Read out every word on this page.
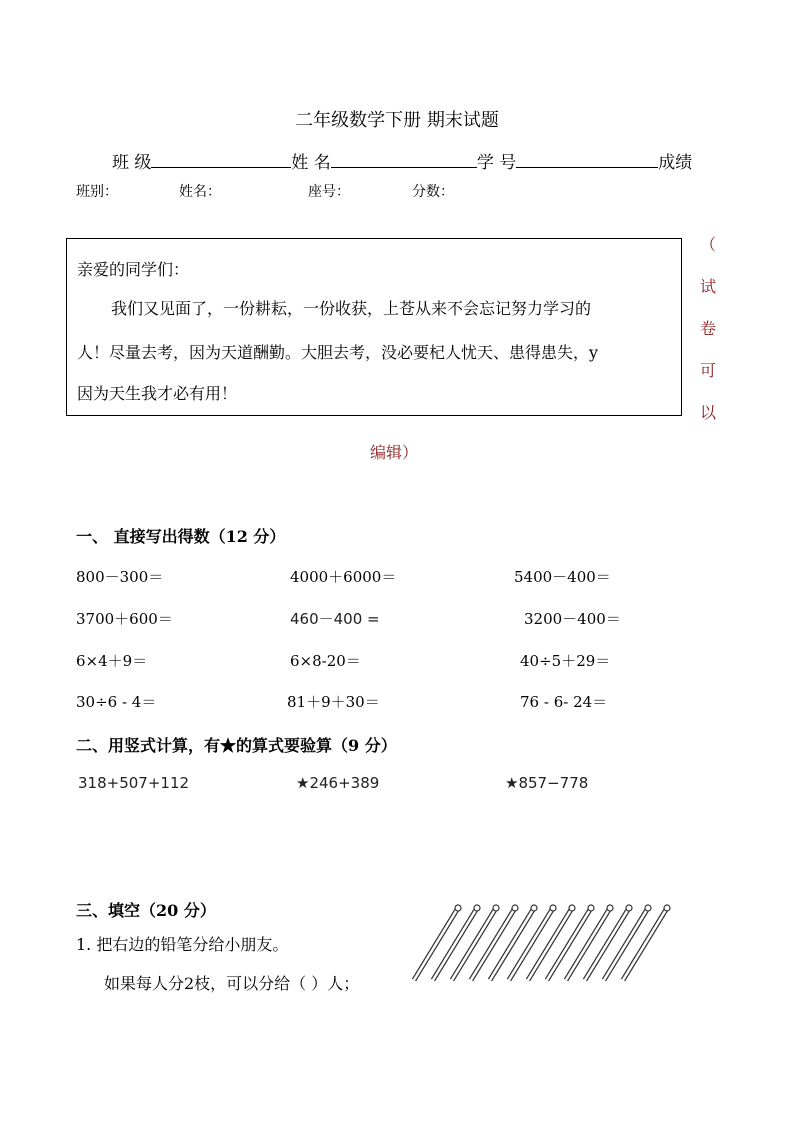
二年级数学下册 期末试题
班 级	姓 名	学 号	成绩
班别：	姓名：	座号：	分数：
亲爱的同学们：
我们又见面了，一份耕耘，一份收获，上苍从来不会忘记努力学习的
人！尽量去考，因为天道酬勤。大胆去考，没必要杞人忧天、患得患失，y
因为天生我才必有用！
（
试
卷
可
以
编辑）
一、 直接写出得数（12 分）
800－300＝	4000＋6000＝	5400－400＝
3700＋600＝	460－400 =	3200－400＝
6×4＋9＝	6×8-20＝	40÷5＋29＝
30÷6 - 4＝	81＋9＋30＝	76 - 6- 24＝
二、用竖式计算，有★的算式要验算（9 分）
318+507+112	★246+389	★857−778
三、填空（20 分）
1. 把右边的铅笔分给小朋友。
如果每人分2枝，可以分给（ ）人；
